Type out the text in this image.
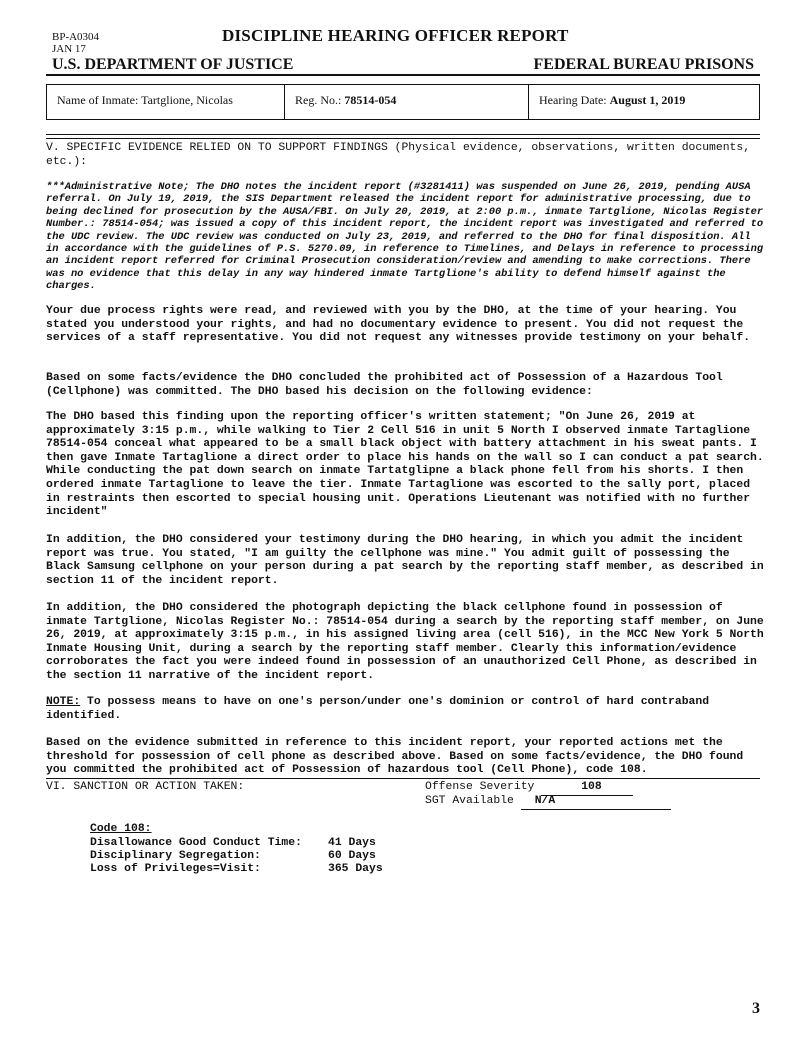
BP-A0304
JAN 17
DISCIPLINE HEARING OFFICER REPORT
U.S. DEPARTMENT OF JUSTICE	FEDERAL BUREAU PRISONS
Name of Inmate: Tartglione, Nicolas	Reg. No.: 78514-054	Hearing Date: August 1, 2019

V. SPECIFIC EVIDENCE RELIED ON TO SUPPORT FINDINGS (Physical evidence, observations, written documents, etc.):

***Administrative Note; The DHO notes the incident report (#3281411) was suspended on June 26, 2019, pending AUSA referral. On July 19, 2019, the SIS Department released the incident report for administrative processing, due to being declined for prosecution by the AUSA/FBI. On July 20, 2019, at 2:00 p.m., inmate Tartglione, Nicolas Register Number.: 78514-054; was issued a copy of this incident report, the incident report was investigated and referred to the UDC review. The UDC review was conducted on July 23, 2019, and referred to the DHO for final disposition. All in accordance with the guidelines of P.S. 5270.09, in reference to Timelines, and Delays in reference to processing an incident report referred for Criminal Prosecution consideration/review and amending to make corrections. There was no evidence that this delay in any way hindered inmate Tartglione's ability to defend himself against the charges.

Your due process rights were read, and reviewed with you by the DHO, at the time of your hearing. You stated you understood your rights, and had no documentary evidence to present. You did not request the services of a staff representative. You did not request any witnesses provide testimony on your behalf.

Based on some facts/evidence the DHO concluded the prohibited act of Possession of a Hazardous Tool (Cellphone) was committed. The DHO based his decision on the following evidence:

The DHO based this finding upon the reporting officer's written statement; "On June 26, 2019 at approximately 3:15 p.m., while walking to Tier 2 Cell 516 in unit 5 North I observed inmate Tartaglione 78514-054 conceal what appeared to be a small black object with battery attachment in his sweat pants. I then gave Inmate Tartaglione a direct order to place his hands on the wall so I can conduct a pat search. While conducting the pat down search on inmate Tartatglipne a black phone fell from his shorts. I then ordered inmate Tartaglione to leave the tier. Inmate Tartaglione was escorted to the sally port, placed in restraints then escorted to special housing unit. Operations Lieutenant was notified with no further incident"

In addition, the DHO considered your testimony during the DHO hearing, in which you admit the incident report was true. You stated, "I am guilty the cellphone was mine." You admit guilt of possessing the Black Samsung cellphone on your person during a pat search by the reporting staff member, as described in section 11 of the incident report.

In addition, the DHO considered the photograph depicting the black cellphone found in possession of inmate Tartglione, Nicolas Register No.: 78514-054 during a search by the reporting staff member, on June 26, 2019, at approximately 3:15 p.m., in his assigned living area (cell 516), in the MCC New York 5 North Inmate Housing Unit, during a search by the reporting staff member. Clearly this information/evidence corroborates the fact you were indeed found in possession of an unauthorized Cell Phone, as described in the section 11 narrative of the incident report.

NOTE: To possess means to have on one's person/under one's dominion or control of hard contraband identified.

Based on the evidence submitted in reference to this incident report, your reported actions met the threshold for possession of cell phone as described above. Based on some facts/evidence, the DHO found you committed the prohibited act of Possession of hazardous tool (Cell Phone), code 108.

VI. SANCTION OR ACTION TAKEN:	Offense Severity	108
SGT Available N/A
Code 108:
Disallowance Good Conduct Time: 41 Days
Disciplinary Segregation:	60 Days
Loss of Privileges=Visit:	365 Days
3
